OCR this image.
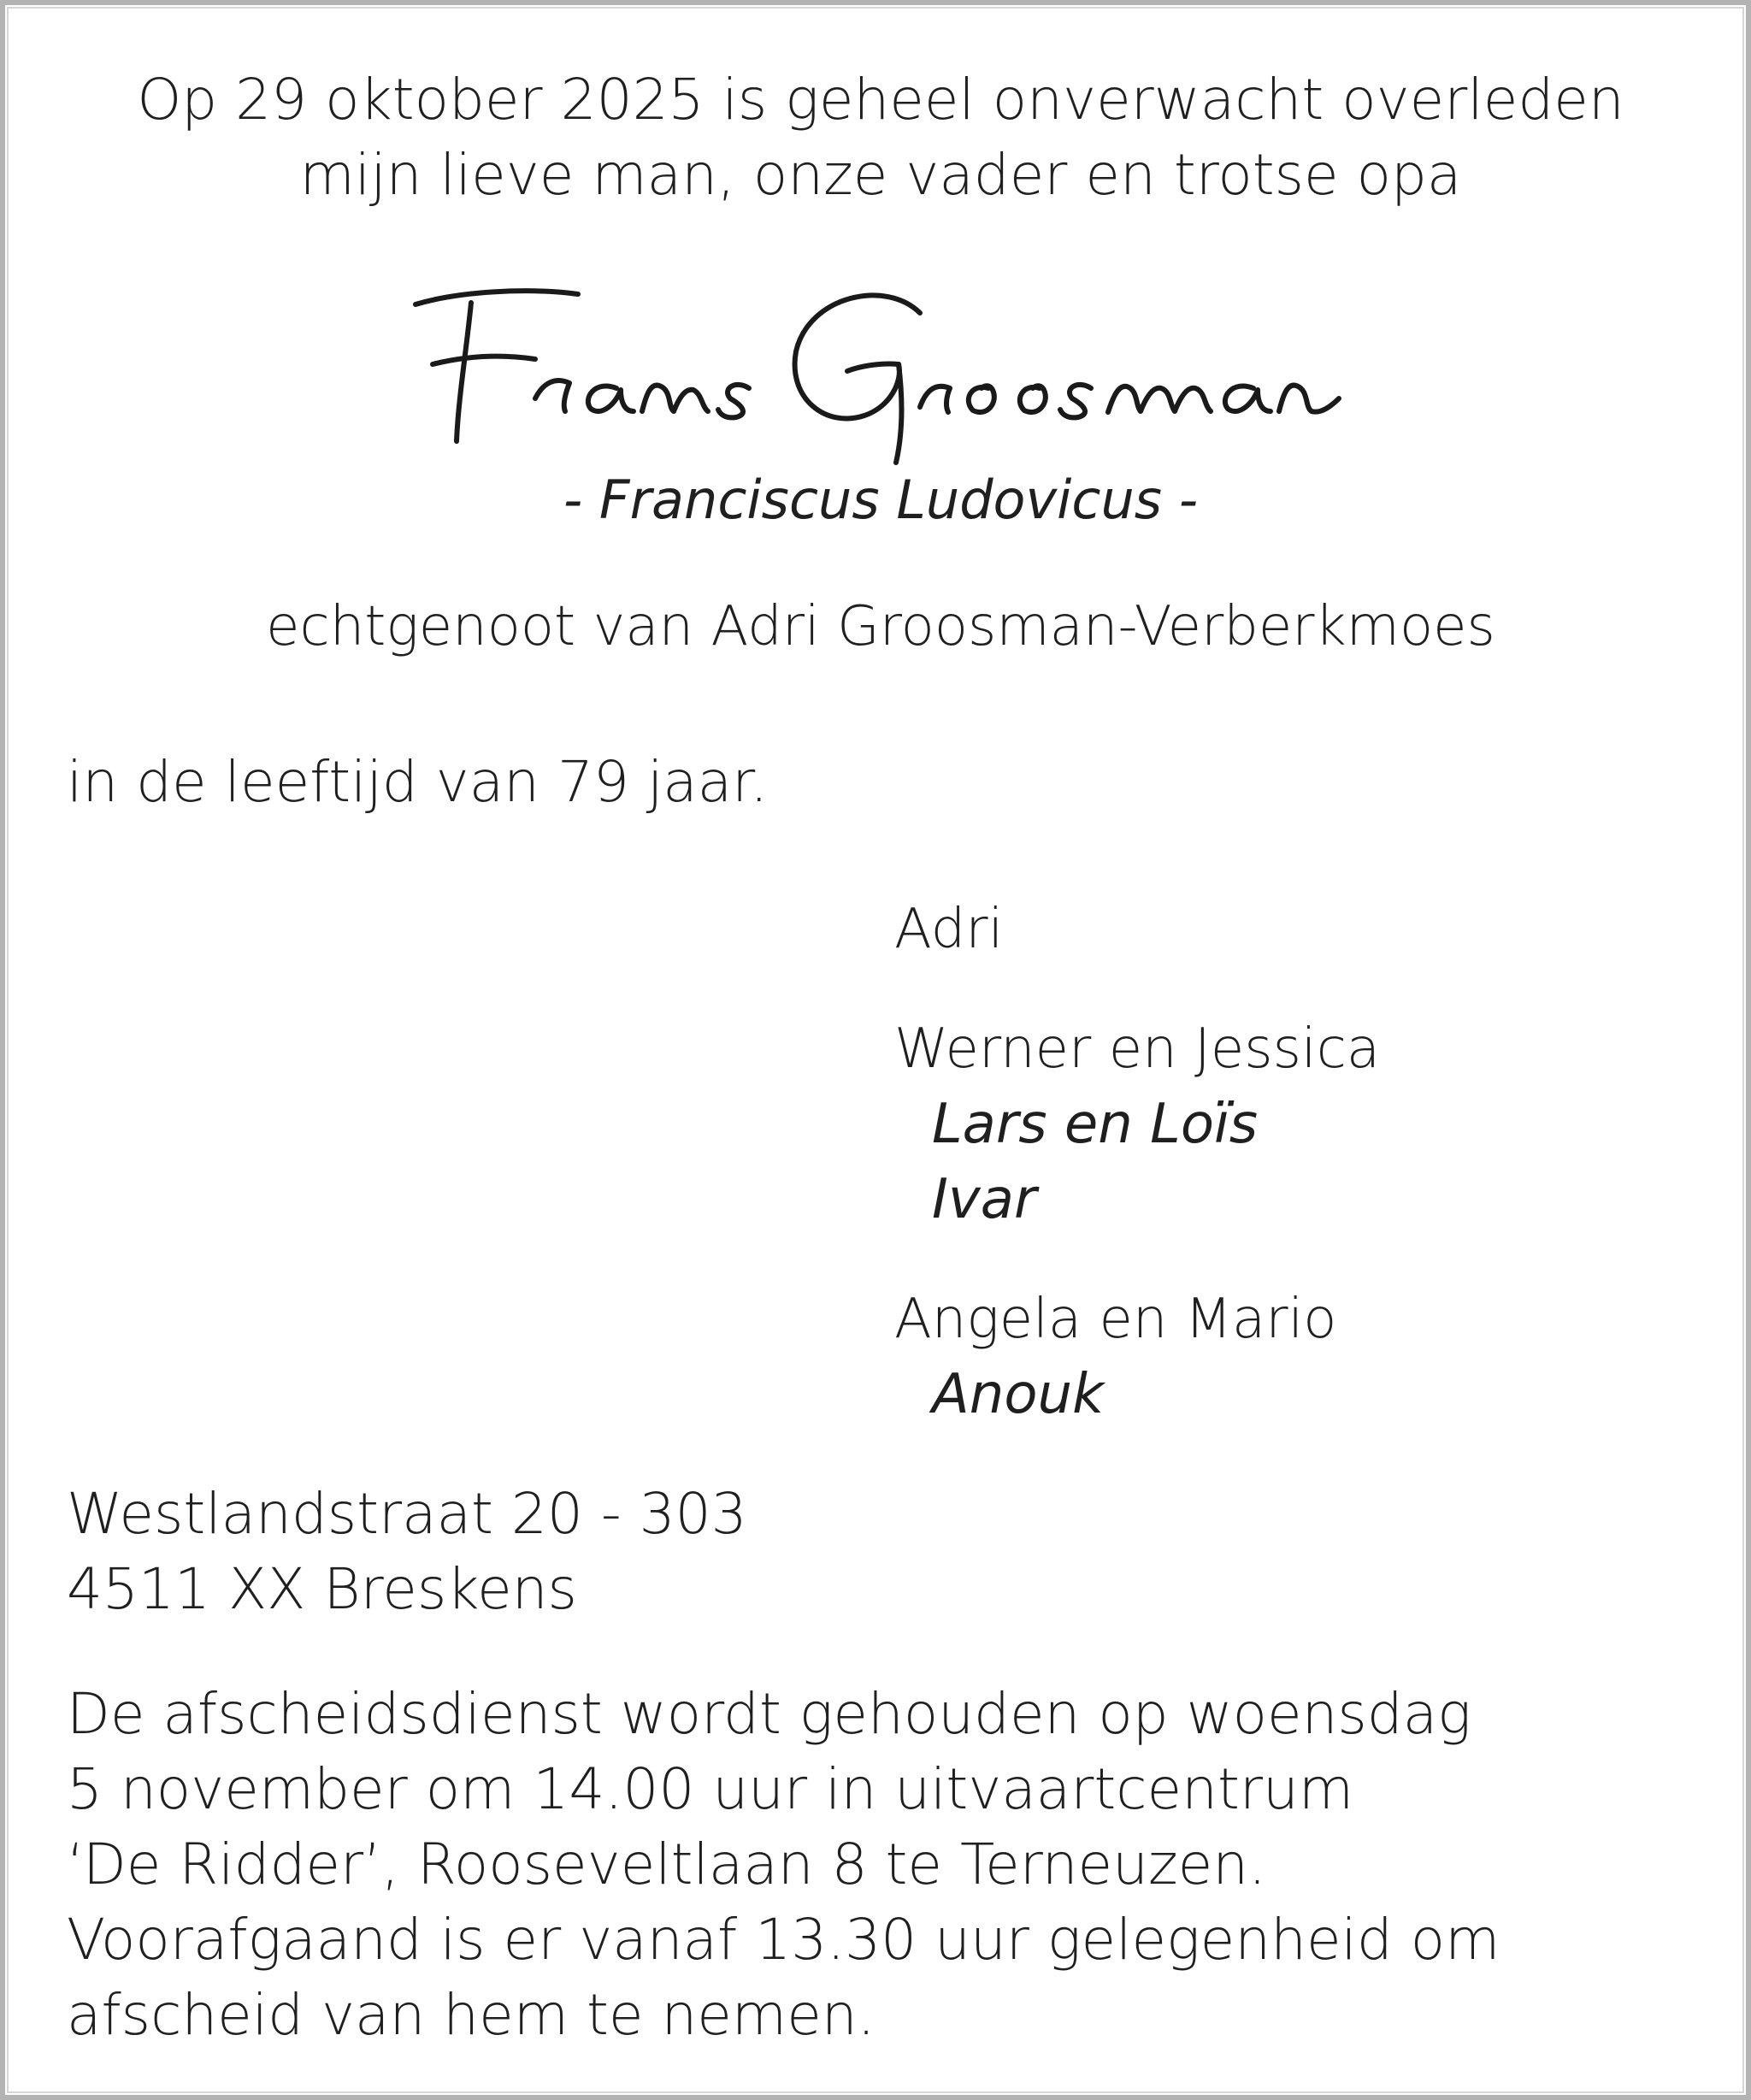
Op 29 oktober 2025 is geheel onverwacht overleden
mijn lieve man, onze vader en trotse opa
- Franciscus Ludovicus -
echtgenoot van Adri Groosman-Verberkmoes
in de leeftijd van 79 jaar.
Adri
Werner en Jessica
Lars en Loïs
Ivar
Angela en Mario
Anouk
Westlandstraat 20 - 303
4511 XX Breskens
De afscheidsdienst wordt gehouden op woensdag
5 november om 14.00 uur in uitvaartcentrum
‘De Ridder’, Rooseveltlaan 8 te Terneuzen.
Voorafgaand is er vanaf 13.30 uur gelegenheid om
afscheid van hem te nemen.
